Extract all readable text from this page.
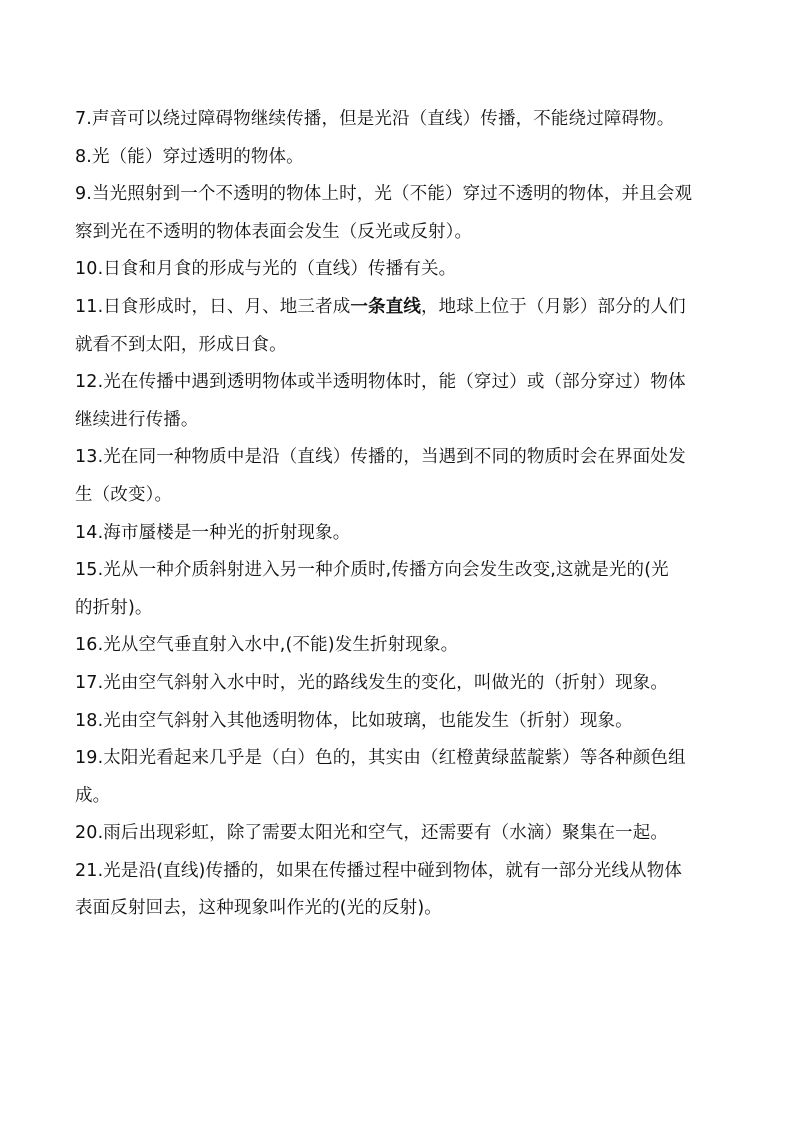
7.声音可以绕过障碍物继续传播，但是光沿（直线）传播，不能绕过障碍物。
8.光（能）穿过透明的物体。
9.当光照射到一个不透明的物体上时，光（不能）穿过不透明的物体，并且会观
察到光在不透明的物体表面会发生（反光或反射）。
10.日食和月食的形成与光的（直线）传播有关。
11.日食形成时，日、月、地三者成一条直线，地球上位于（月影）部分的人们
就看不到太阳，形成日食。
12.光在传播中遇到透明物体或半透明物体时，能（穿过）或（部分穿过）物体
继续进行传播。
13.光在同一种物质中是沿（直线）传播的，当遇到不同的物质时会在界面处发
生（改变）。
14.海市蜃楼是一种光的折射现象。
15.光从一种介质斜射进入另一种介质时,传播方向会发生改变,这就是光的(光
的折射)。
16.光从空气垂直射入水中,(不能)发生折射现象。
17.光由空气斜射入水中时，光的路线发生的变化，叫做光的（折射）现象。
18.光由空气斜射入其他透明物体，比如玻璃，也能发生（折射）现象。
19.太阳光看起来几乎是（白）色的，其实由（红橙黄绿蓝靛紫）等各种颜色组
成。
20.雨后出现彩虹，除了需要太阳光和空气，还需要有（水滴）聚集在一起。
21.光是沿(直线)传播的，如果在传播过程中碰到物体，就有一部分光线从物体
表面反射回去，这种现象叫作光的(光的反射)。
